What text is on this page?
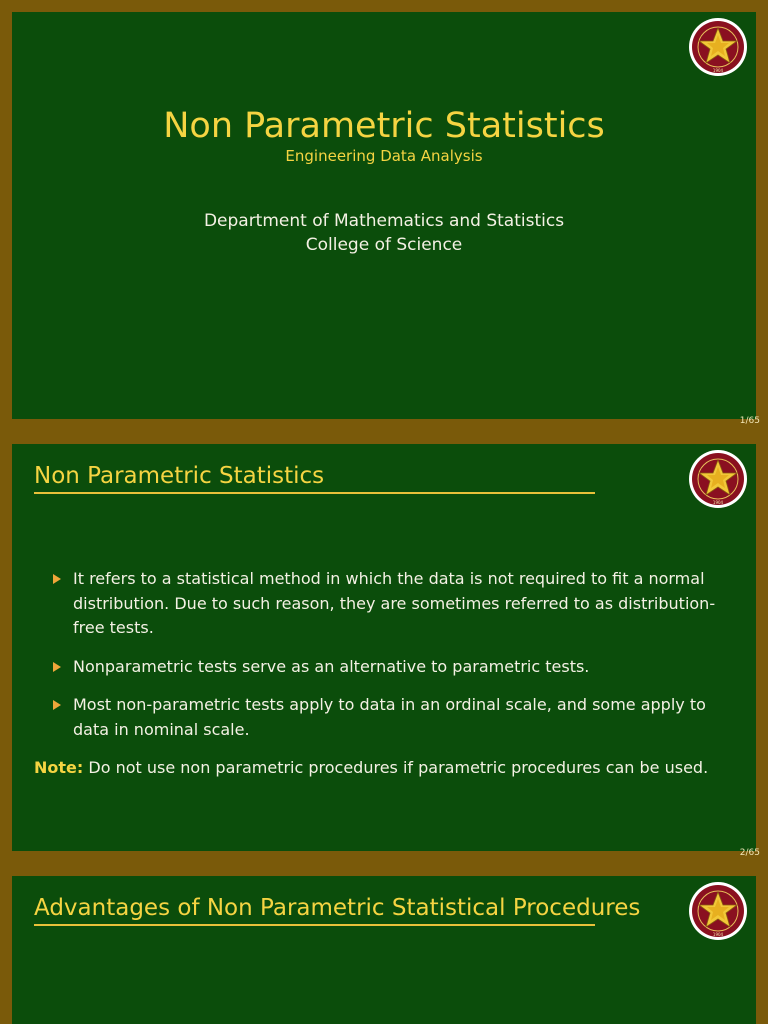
1904
Non Parametric Statistics
Engineering Data Analysis
Department of Mathematics and Statistics
College of Science
1/65
1904
Non Parametric Statistics
It refers to a statistical method in which the data is not required to fit a normal distribution. Due to such reason, they are sometimes referred to as distribution-free tests.
Nonparametric tests serve as an alternative to parametric tests.
Most non-parametric tests apply to data in an ordinal scale, and some apply to data in nominal scale.
Note: Do not use non parametric procedures if parametric procedures can be used.
2/65
1904
Advantages of Non Parametric Statistical Procedures
